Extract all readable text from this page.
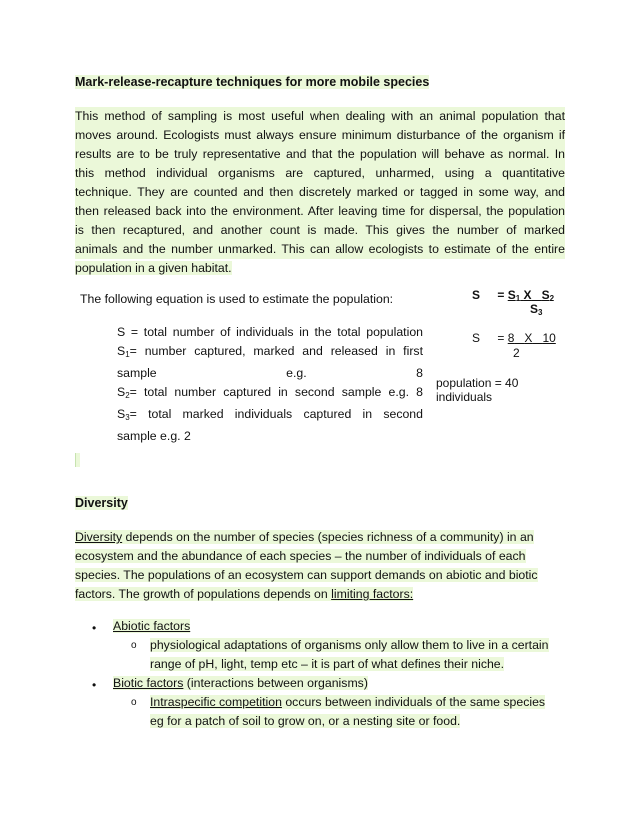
Mark-release-recapture techniques for more mobile species
This method of sampling is most useful when dealing with an animal population that
moves around. Ecologists must always ensure minimum disturbance of the organism if
results are to be truly representative and that the population will behave as normal. In
this method individual organisms are captured, unharmed, using a quantitative
technique. They are counted and then discretely marked or tagged in some way, and
then released back into the environment. After leaving time for dispersal, the population
is then recaptured, and another count is made. This gives the number of marked
animals and the number unmarked. This can allow ecologists to estimate of the entire
population in a given habitat.
The following equation is used to estimate the population:	$S = S_1$ X $S_2$
$S_3$
S = total number of individuals in the total population
$S_1=$ number captured, marked and released in first
sample	e.g.	8
$S_2=$ total number captured in second sample e.g. 8
$S_3=$ total marked individuals captured in second
sample e.g. 2
S = 8 X 10
2
population = 40
individuals
Diversity
Diversity depends on the number of species (species richness of a community) in an
ecosystem and the abundance of each species – the number of individuals of each
species. The populations of an ecosystem can support demands on abiotic and biotic
factors. The growth of populations depends on limiting factors:
• Abiotic factors
o physiological adaptations of organisms only allow them to live in a certain
range of pH, light, temp etc – it is part of what defines their niche.
• Biotic factors (interactions between organisms)
o Intraspecific competition occurs between individuals of the same species
eg for a patch of soil to grow on, or a nesting site or food.
